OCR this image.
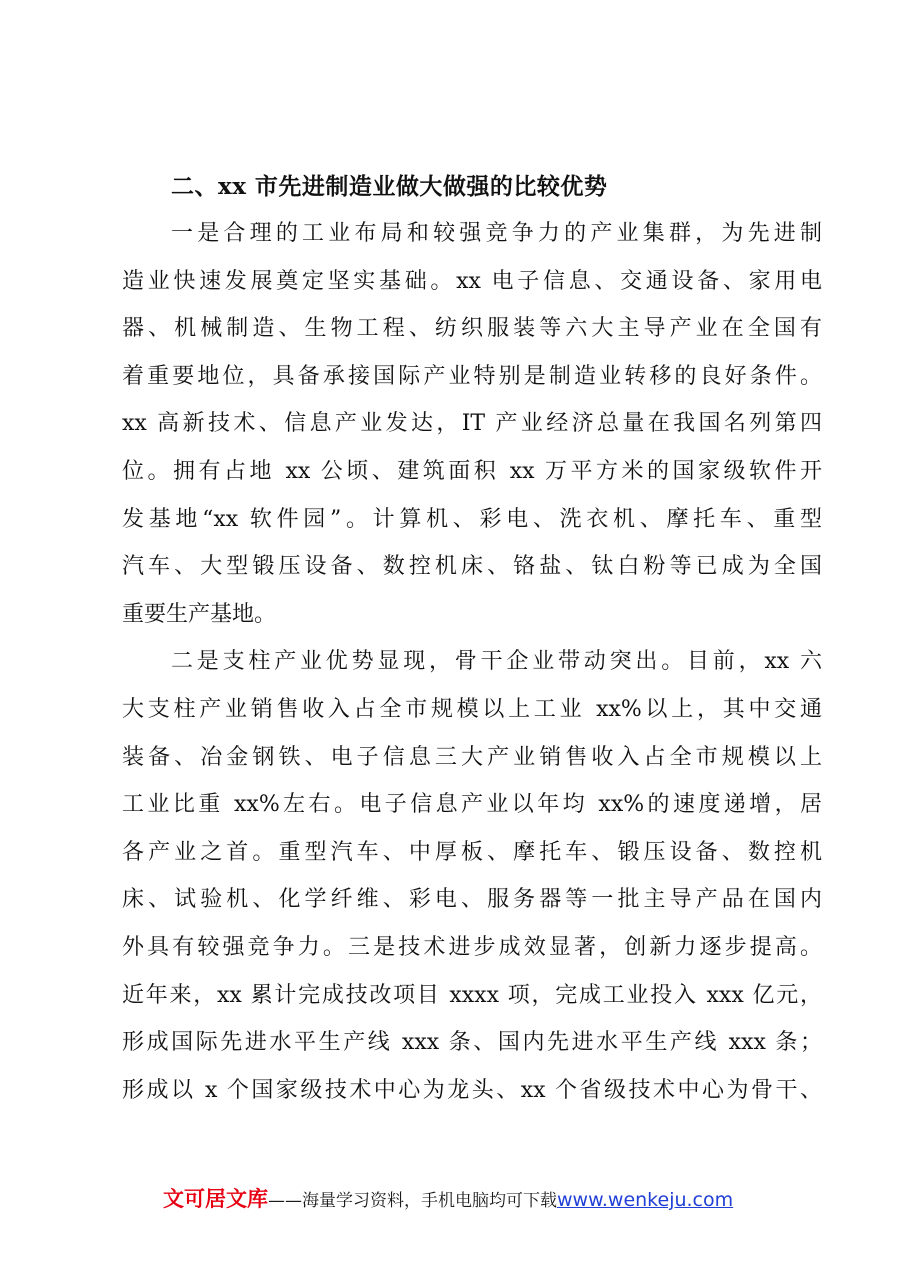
二、xx 市先进制造业做大做强的比较优势
一是合理的工业布局和较强竞争力的产业集群，为先进制
造业快速发展奠定坚实基础。xx 电子信息、交通设备、家用电
器、机械制造、生物工程、纺织服装等六大主导产业在全国有
着重要地位，具备承接国际产业特别是制造业转移的良好条件。
xx 高新技术、信息产业发达，IT 产业经济总量在我国名列第四
位。拥有占地 xx 公顷、建筑面积 xx 万平方米的国家级软件开
发基地“xx 软件园”。计算机、彩电、洗衣机、摩托车、重型
汽车、大型锻压设备、数控机床、铬盐、钛白粉等已成为全国
重要生产基地。
二是支柱产业优势显现，骨干企业带动突出。目前，xx 六
大支柱产业销售收入占全市规模以上工业 xx%以上，其中交通
装备、冶金钢铁、电子信息三大产业销售收入占全市规模以上
工业比重 xx%左右。电子信息产业以年均 xx%的速度递增，居
各产业之首。重型汽车、中厚板、摩托车、锻压设备、数控机
床、试验机、化学纤维、彩电、服务器等一批主导产品在国内
外具有较强竞争力。三是技术进步成效显著，创新力逐步提高。
近年来，xx 累计完成技改项目 xxxx 项，完成工业投入 xxx 亿元，
形成国际先进水平生产线 xxx 条、国内先进水平生产线 xxx 条；
形成以 x 个国家级技术中心为龙头、xx 个省级技术中心为骨干、
文可居文库——海量学习资料，手机电脑均可下载www.wenkeju.com
